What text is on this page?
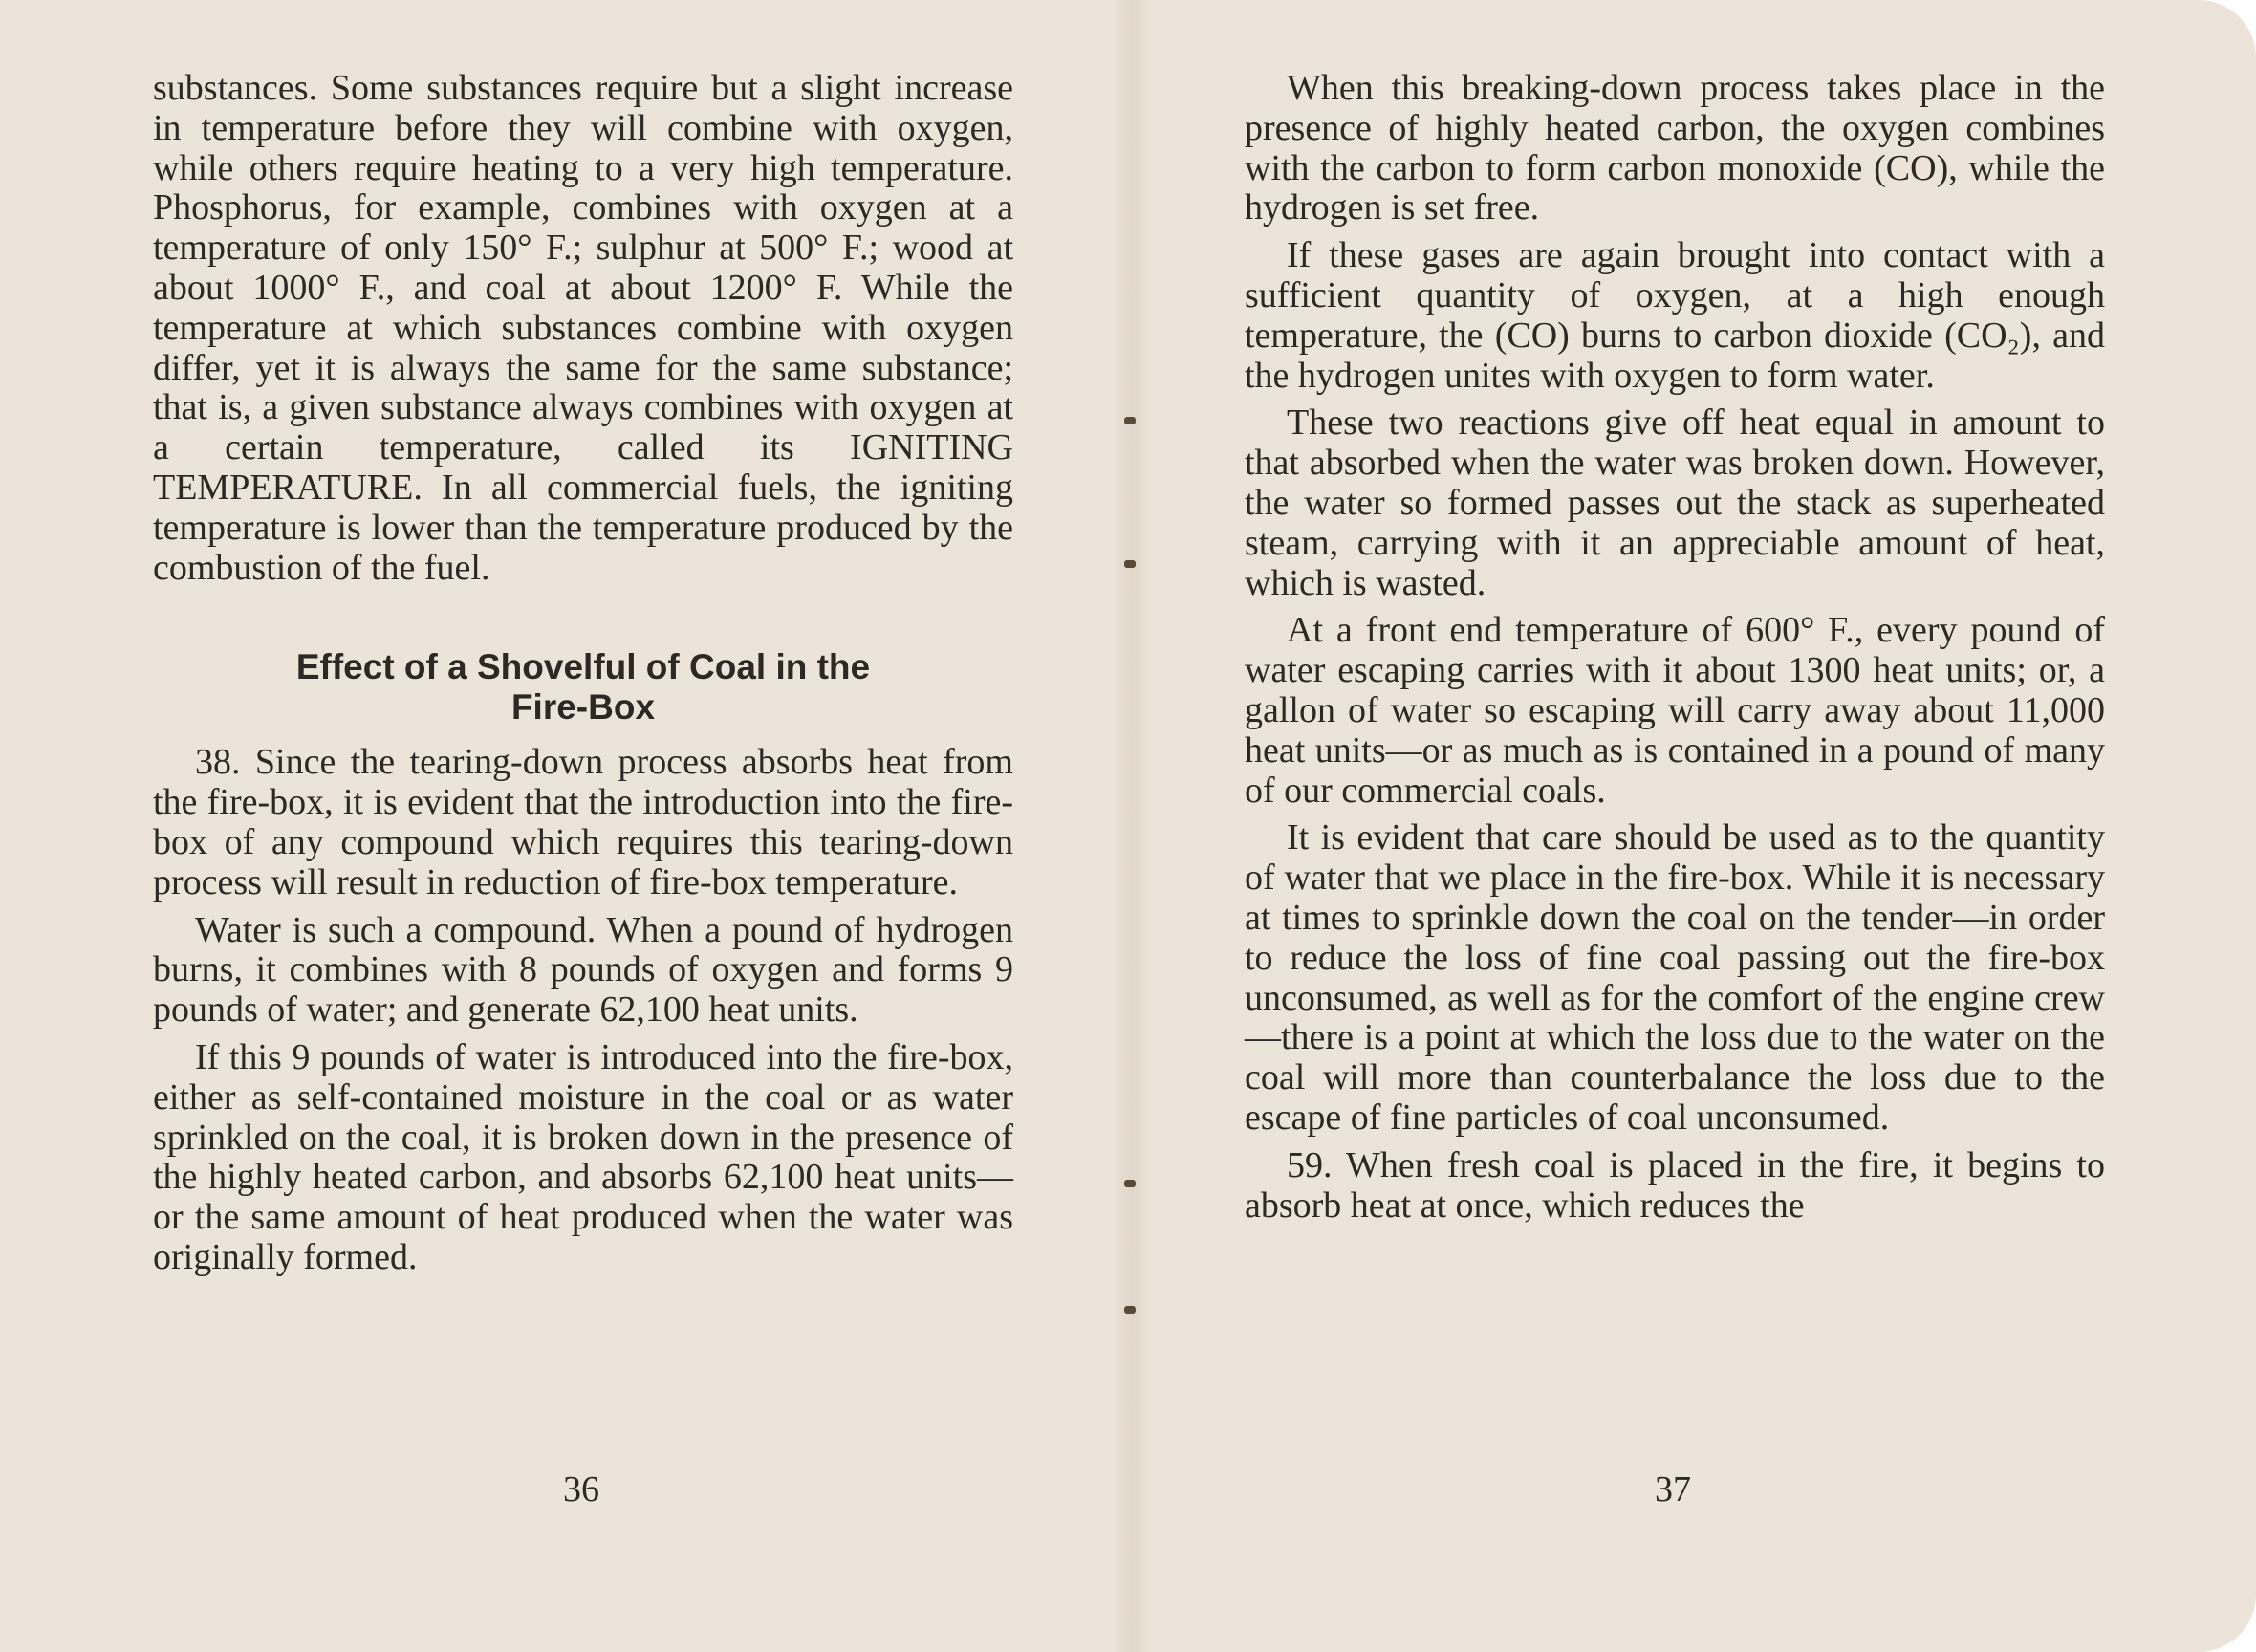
substances. Some substances require but a slight increase in temperature before they will combine with oxygen, while others require heating to a very high temperature. Phosphorus, for example, combines with oxygen at a temperature of only 150° F.; sulphur at 500° F.; wood at about 1000° F., and coal at about 1200° F. While the temperature at which substances combine with oxygen differ, yet it is always the same for the same substance; that is, a given substance always combines with oxygen at a certain temperature, called its IGNITING TEMPERATURE. In all commercial fuels, the igniting temperature is lower than the temperature produced by the combustion of the fuel.

Effect of a Shovelful of Coal in the
Fire-Box

38. Since the tearing-down process absorbs heat from the fire-box, it is evident that the introduction into the fire-box of any compound which requires this tearing-down process will result in reduction of fire-box temperature.

Water is such a compound. When a pound of hydrogen burns, it combines with 8 pounds of oxygen and forms 9 pounds of water; and generate 62,100 heat units.

If this 9 pounds of water is introduced into the fire-box, either as self-contained moisture in the coal or as water sprinkled on the coal, it is broken down in the presence of the highly heated carbon, and absorbs 62,100 heat units—or the same amount of heat produced when the water was originally formed.

36

When this breaking-down process takes place in the presence of highly heated carbon, the oxygen combines with the carbon to form carbon monoxide (CO), while the hydrogen is set free.

If these gases are again brought into contact with a sufficient quantity of oxygen, at a high enough temperature, the (CO) burns to carbon dioxide (CO₂), and the hydrogen unites with oxygen to form water.

These two reactions give off heat equal in amount to that absorbed when the water was broken down. However, the water so formed passes out the stack as superheated steam, carrying with it an appreciable amount of heat, which is wasted.

At a front end temperature of 600° F., every pound of water escaping carries with it about 1300 heat units; or, a gallon of water so escaping will carry away about 11,000 heat units—or as much as is contained in a pound of many of our commercial coals.

It is evident that care should be used as to the quantity of water that we place in the fire-box. While it is necessary at times to sprinkle down the coal on the tender—in order to reduce the loss of fine coal passing out the fire-box unconsumed, as well as for the comfort of the engine crew—there is a point at which the loss due to the water on the coal will more than counterbalance the loss due to the escape of fine particles of coal unconsumed.

59. When fresh coal is placed in the fire, it begins to absorb heat at once, which reduces the

37
